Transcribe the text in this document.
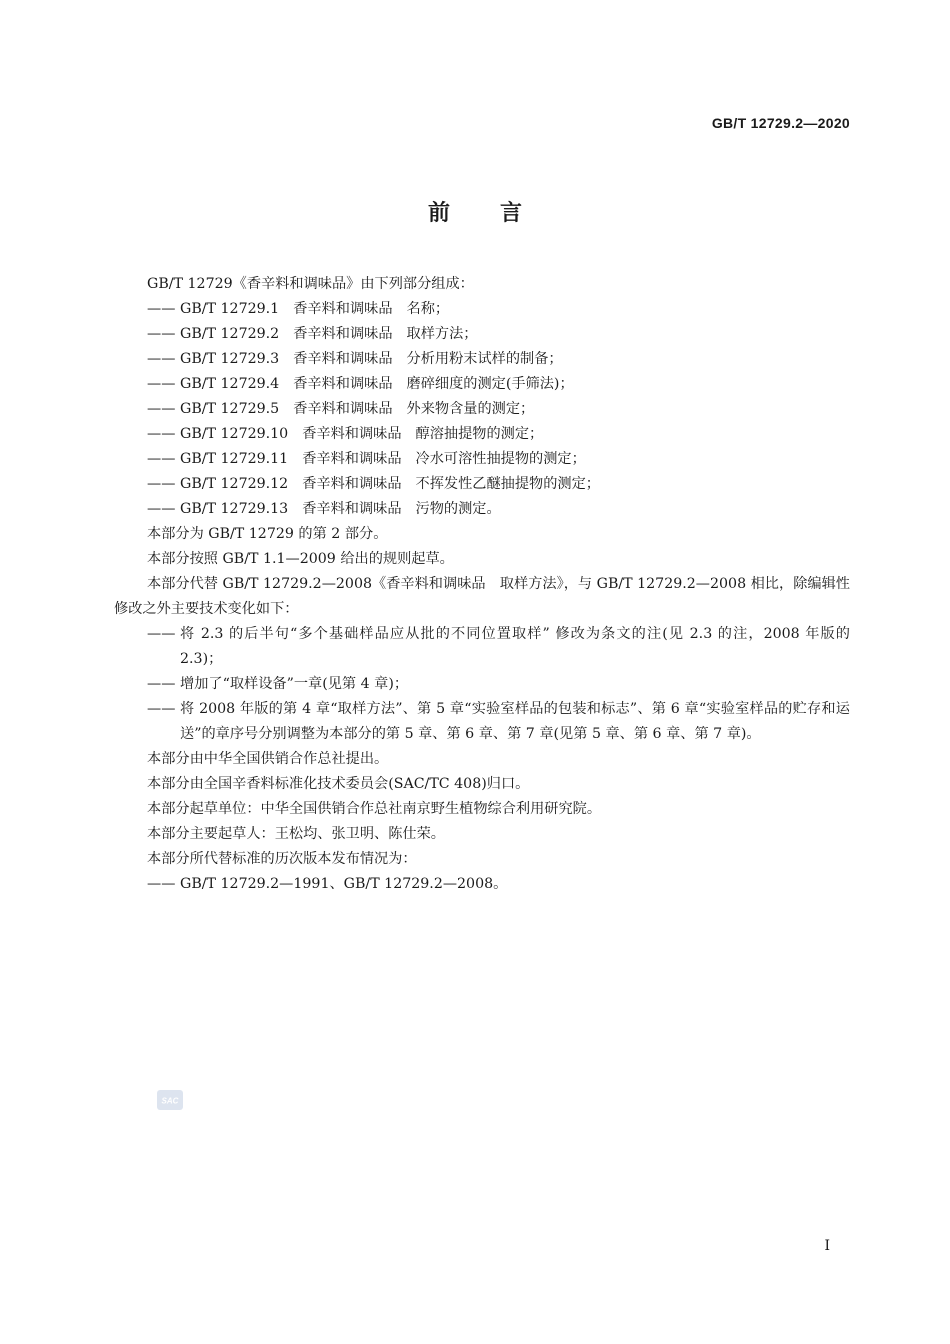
GB/T 12729.2—2020
前言

GB/T 12729《香辛料和调味品》由下列部分组成：

—— GB/T 12729.1 香辛料和调味品 名称；

—— GB/T 12729.2 香辛料和调味品 取样方法；

—— GB/T 12729.3 香辛料和调味品 分析用粉末试样的制备；

—— GB/T 12729.4 香辛料和调味品 磨碎细度的测定(手筛法)；

—— GB/T 12729.5 香辛料和调味品 外来物含量的测定；

—— GB/T 12729.10 香辛料和调味品 醇溶抽提物的测定；

—— GB/T 12729.11 香辛料和调味品 冷水可溶性抽提物的测定；

—— GB/T 12729.12 香辛料和调味品 不挥发性乙醚抽提物的测定；

—— GB/T 12729.13 香辛料和调味品 污物的测定。

本部分为 GB/T 12729 的第 2 部分。

本部分按照 GB/T 1.1—2009 给出的规则起草。

本部分代替 GB/T 12729.2—2008《香辛料和调味品　取样方法》，与 GB/T 12729.2—2008 相比，除编辑性修改之外主要技术变化如下：

—— 将 2.3 的后半句“多个基础样品应从批的不同位置取样” 修改为条文的注(见 2.3 的注，2008 年版的 2.3)；

—— 增加了“取样设备”一章(见第 4 章)；

—— 将 2008 年版的第 4 章“取样方法”、第 5 章“实验室样品的包装和标志”、第 6 章“实验室样品的贮存和运送”的章序号分别调整为本部分的第 5 章、第 6 章、第 7 章(见第 5 章、第 6 章、第 7 章)。

本部分由中华全国供销合作总社提出。

本部分由全国辛香料标准化技术委员会(SAC/TC 408)归口。

本部分起草单位：中华全国供销合作总社南京野生植物综合利用研究院。

本部分主要起草人：王松均、张卫明、陈仕荣。

本部分所代替标准的历次版本发布情况为：

—— GB/T 12729.2—1991、GB/T 12729.2—2008。

SAC
I
